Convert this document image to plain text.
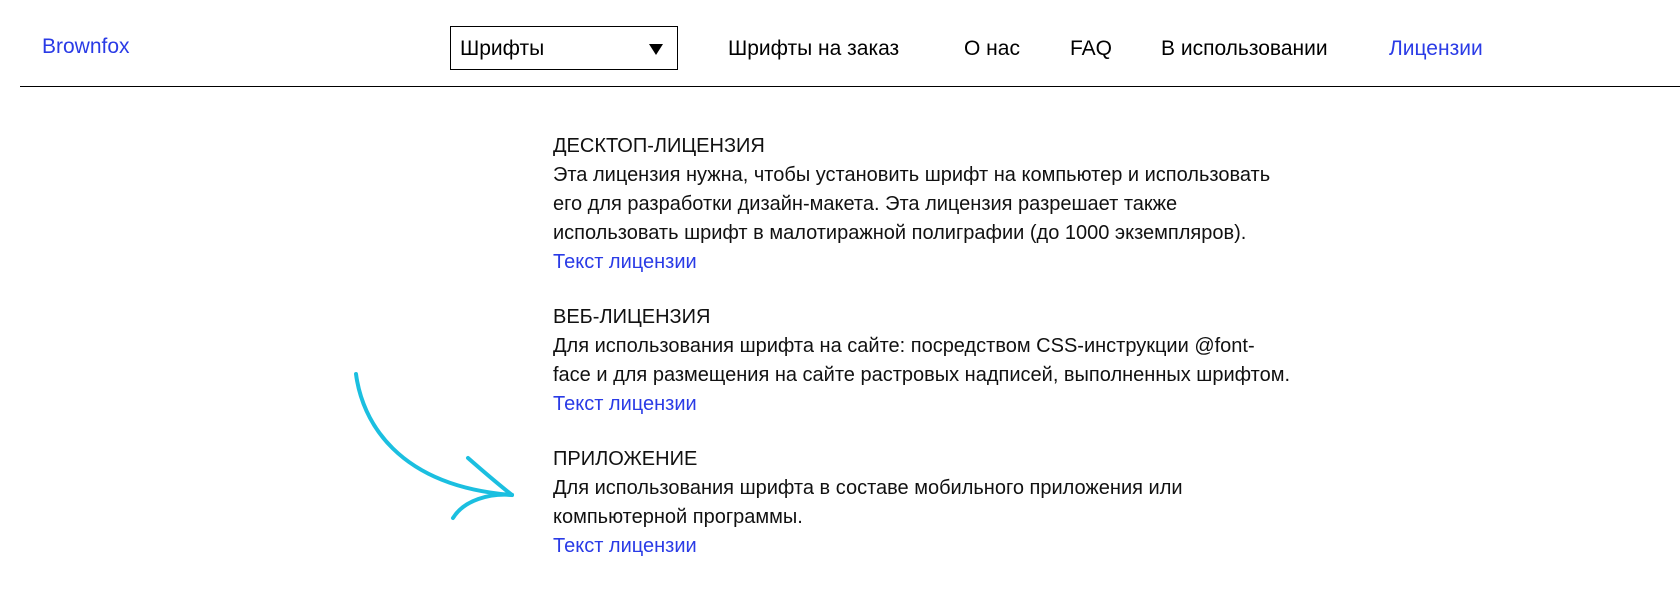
Brownfox	Шрифты	Шрифты на заказ	О нас FAQ В использовании	Лицензии
ДЕСКТОП-ЛИЦЕНЗИЯ
Эта лицензия нужна, чтобы установить шрифт на компьютер и использовать
его для разработки дизайн-макета. Эта лицензия разрешает также
использовать шрифт в малотиражной полиграфии (до 1000 экземпляров).
Текст лицензии
ВЕБ-ЛИЦЕНЗИЯ
Для использования шрифта на сайте: посредством CSS-инструкции @font-
face и для размещения на сайте растровых надписей, выполненных шрифтом.
Текст лицензии
ПРИЛОЖЕНИЕ
Для использования шрифта в составе мобильного приложения или
компьютерной программы.
Текст лицензии
